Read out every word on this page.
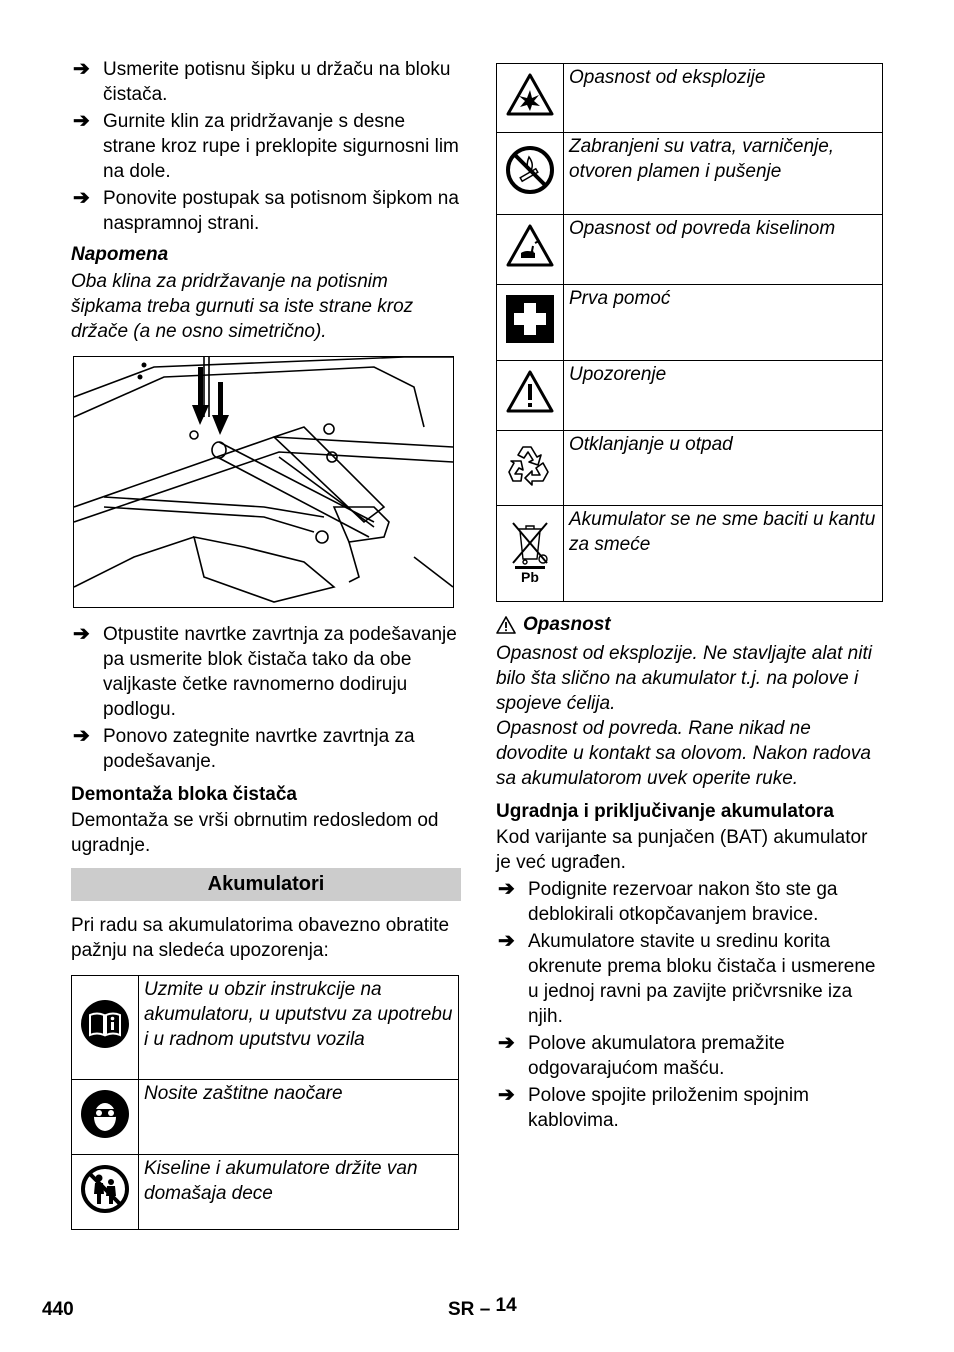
➔ Usmerite potisnu šipku u držaču na bloku čistača.
➔ Gurnite klin za pridržavanje s desne strane kroz rupe i preklopite sigurnosni lim na dole.
➔ Ponovite postupak sa potisnom šipkom na naspramnoj strani.

Napomena

Oba klina za pridržavanje na potisnim šipkama treba gurnuti sa iste strane kroz držače (a ne osno simetrično).

➔ Otpustite navrtke zavrtnja za podešavanje pa usmerite blok čistača tako da obe valjkaste četke ravnomerno dodiruju podlogu.
➔ Ponovo zategnite navrtke zavrtnja za podešavanje.

Demontaža bloka čistača

Demontaža se vrši obrnutim redosledom od ugradnje.

Akumulatori

Pri radu sa akumulatorima obavezno obratite pažnju na sledeća upozorenja:

	Uzmite u obzir instrukcije na akumulatoru, u uputstvu za upotrebu i u radnom uputstvu vozila
	Nosite zaštitne naočare
	Kiseline i akumulatore držite van domašaja dece
	Opasnost od eksplozije
	Zabranjeni su vatra, varničenje, otvoren plamen i pušenje
	Opasnost od povreda kiselinom
	Prva pomoć
	Upozorenje
	Otklanjanje u otpad

Pb	Akumulator se ne sme baciti u kantu za smeće
Opasnost

Opasnost od eksplozije. Ne stavljajte alat niti bilo šta slično na akumulator t.j. na polove i spojeve ćelija.

Opasnost od povreda. Rane nikad ne dovodite u kontakt sa olovom. Nakon radova sa akumulatorom uvek operite ruke.

Ugradnja i priključivanje akumulatora

Kod varijante sa punjačen (BAT) akumulator je već ugrađen.

➔ Podignite rezervoar nakon što ste ga deblokirali otkopčavanjem bravice.
➔ Akumulatore stavite u sredinu korita okrenute prema bloku čistača i usmerene u jednoj ravni pa zavijte pričvrsnike iza njih.
➔ Polove akumulatora premažite odgovarajućom mašću.
➔ Polove spojite priloženim spojnim kablovima.
440	SR – 14
